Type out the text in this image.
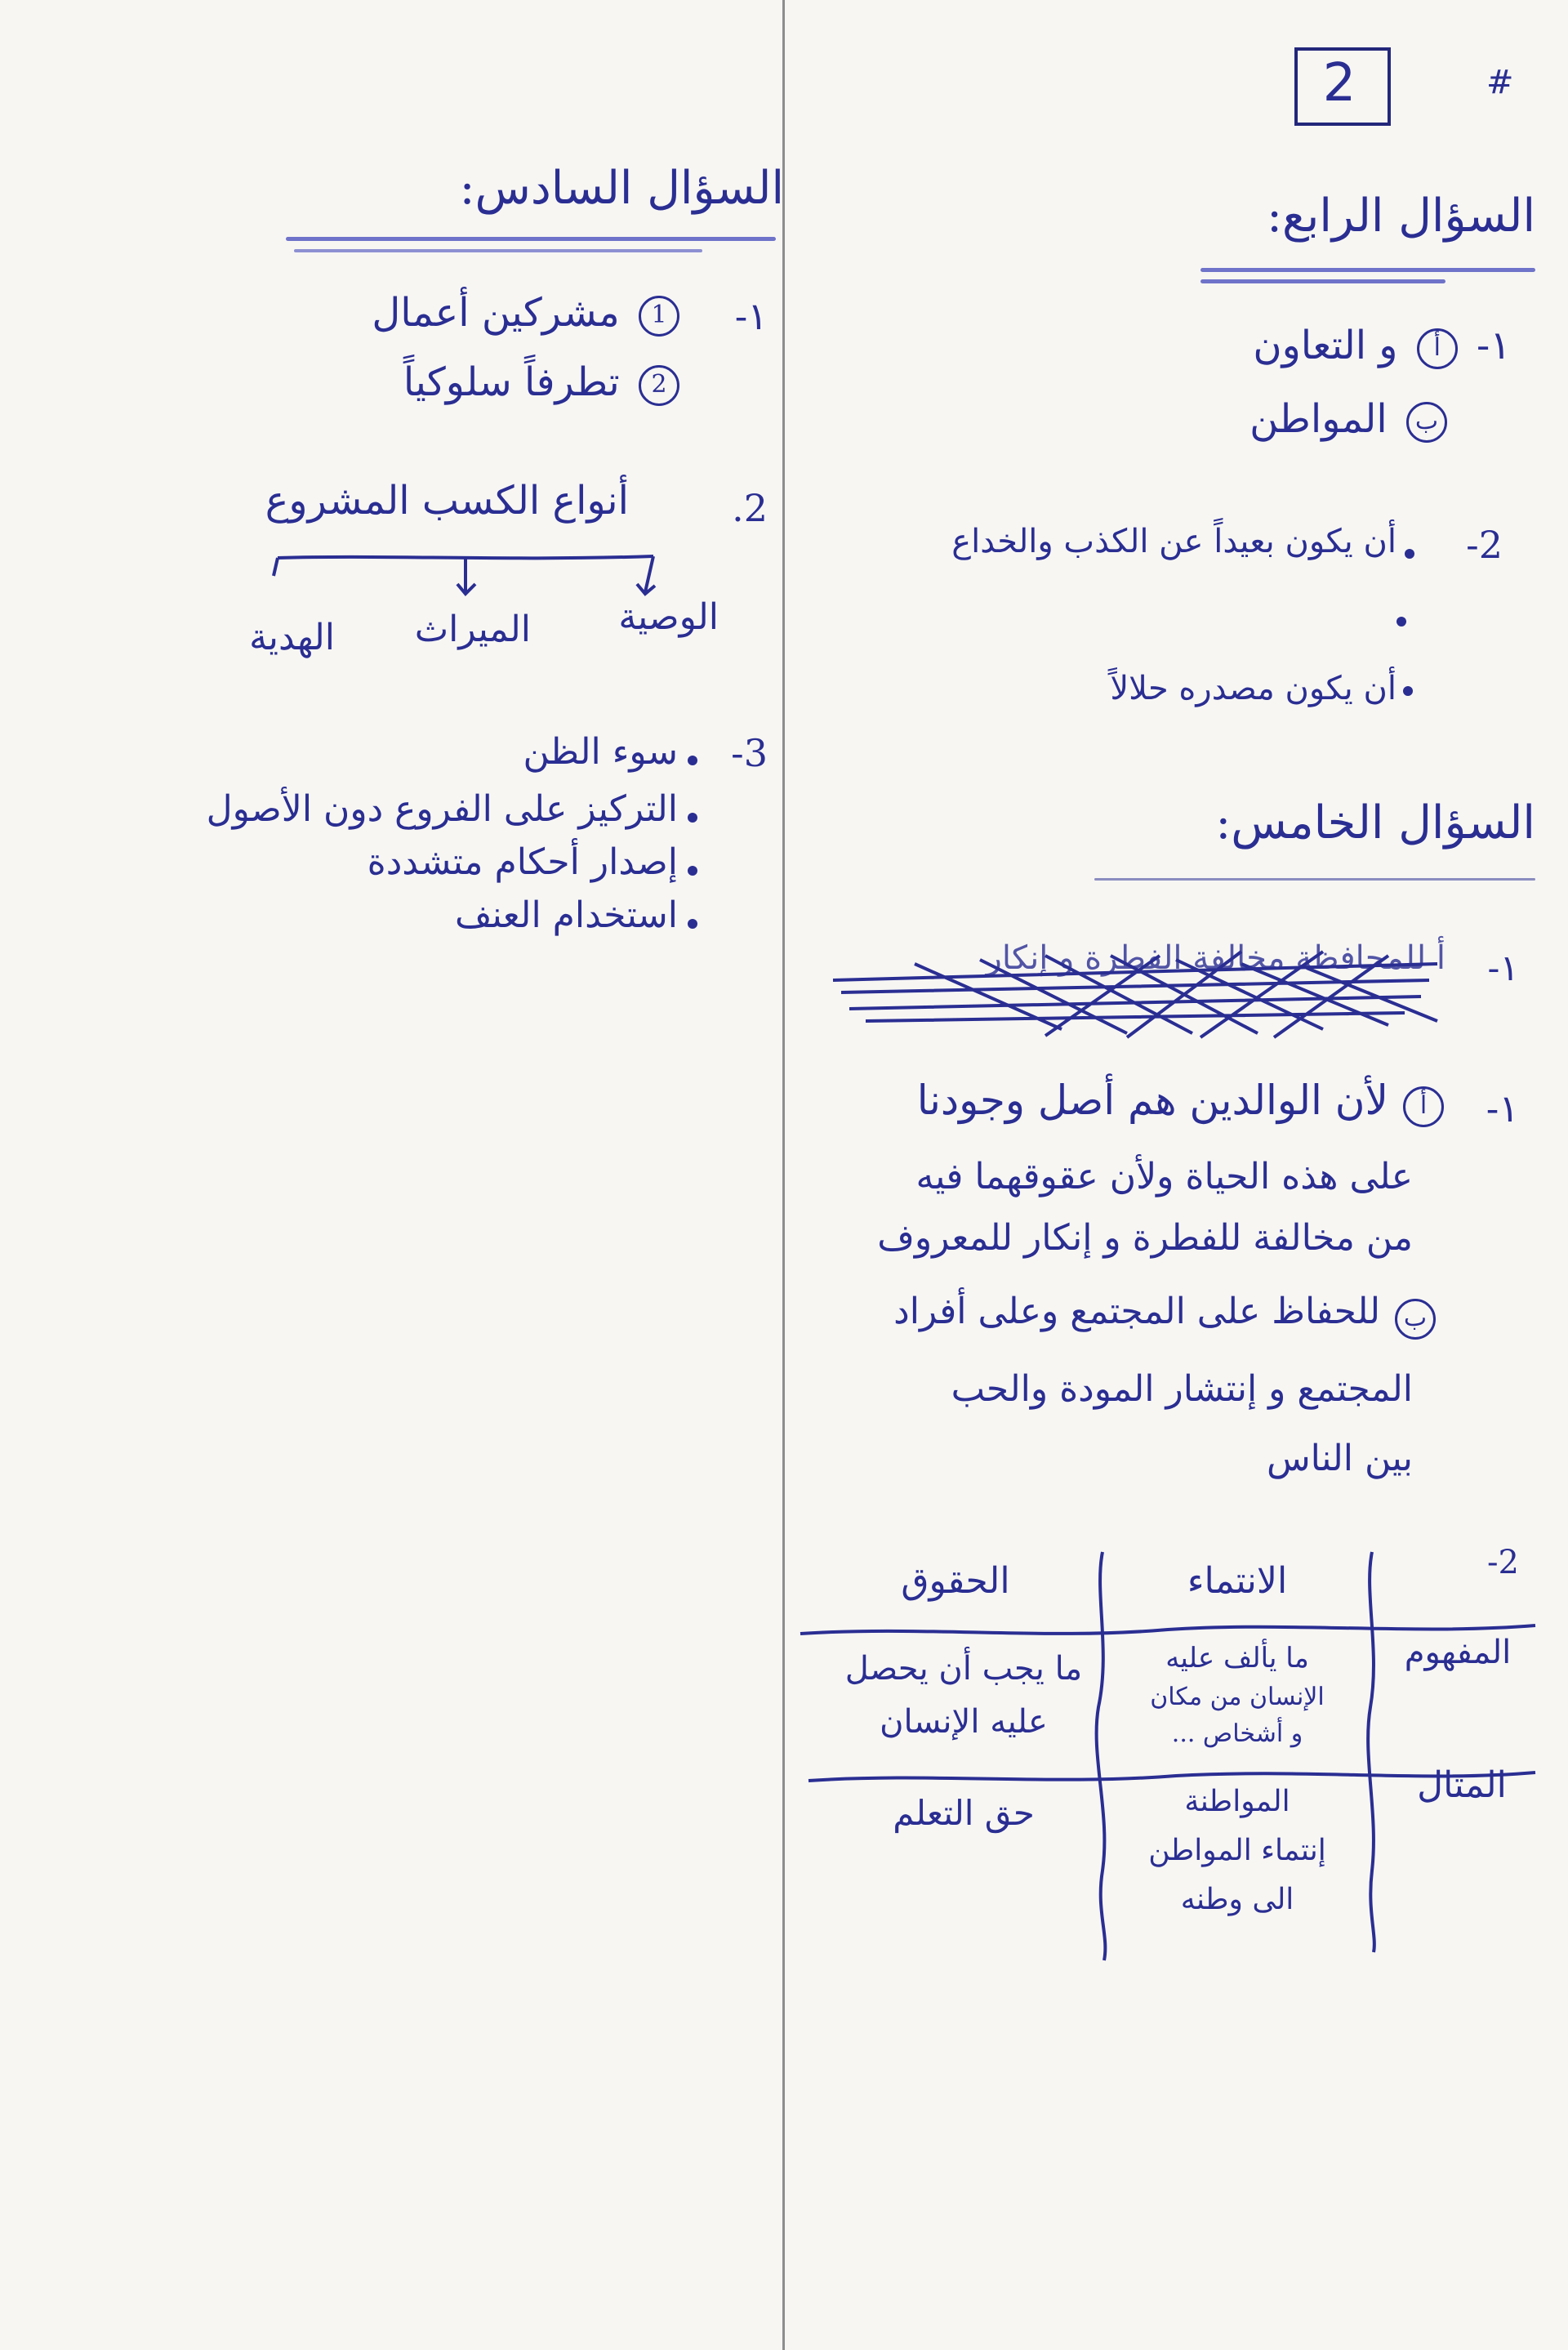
2	#
السؤال الرابع:
١- أ و التعاون
ب المواطن
2-
أن يكون بعيداً عن الكذب والخداع
أن يكون مصدره حلالاً
السؤال الخامس:
١-
أ للمحافظة مخالفة الفطرة و إنكار
١-
أ
لأن الوالدين هم أصل وجودنا
على هذه الحياة ولأن عقوقهما فيه
من مخالفة للفطرة و إنكار للمعروف
ب
للحفاظ على المجتمع وعلى أفراد
المجتمع و إنتشار المودة والحب
بين الناس
2-
الانتماء
الحقوق
المفهوم
ما يألف عليه
الإنسان من مكان
و أشخاص ...
ما يجب أن يحصل
عليه الإنسان
المثال
المواطنة
إنتماء المواطن
الى وطنه
حق التعلم
السؤال السادس:
١-
1 مشركين أعمال
2 تطرفاً سلوكياً
2.
أنواع الكسب المشروع
الوصية
الميراث
الهدية
3-
سوء الظن
التركيز على الفروع دون الأصول
إصدار أحكام متشددة
استخدام العنف
